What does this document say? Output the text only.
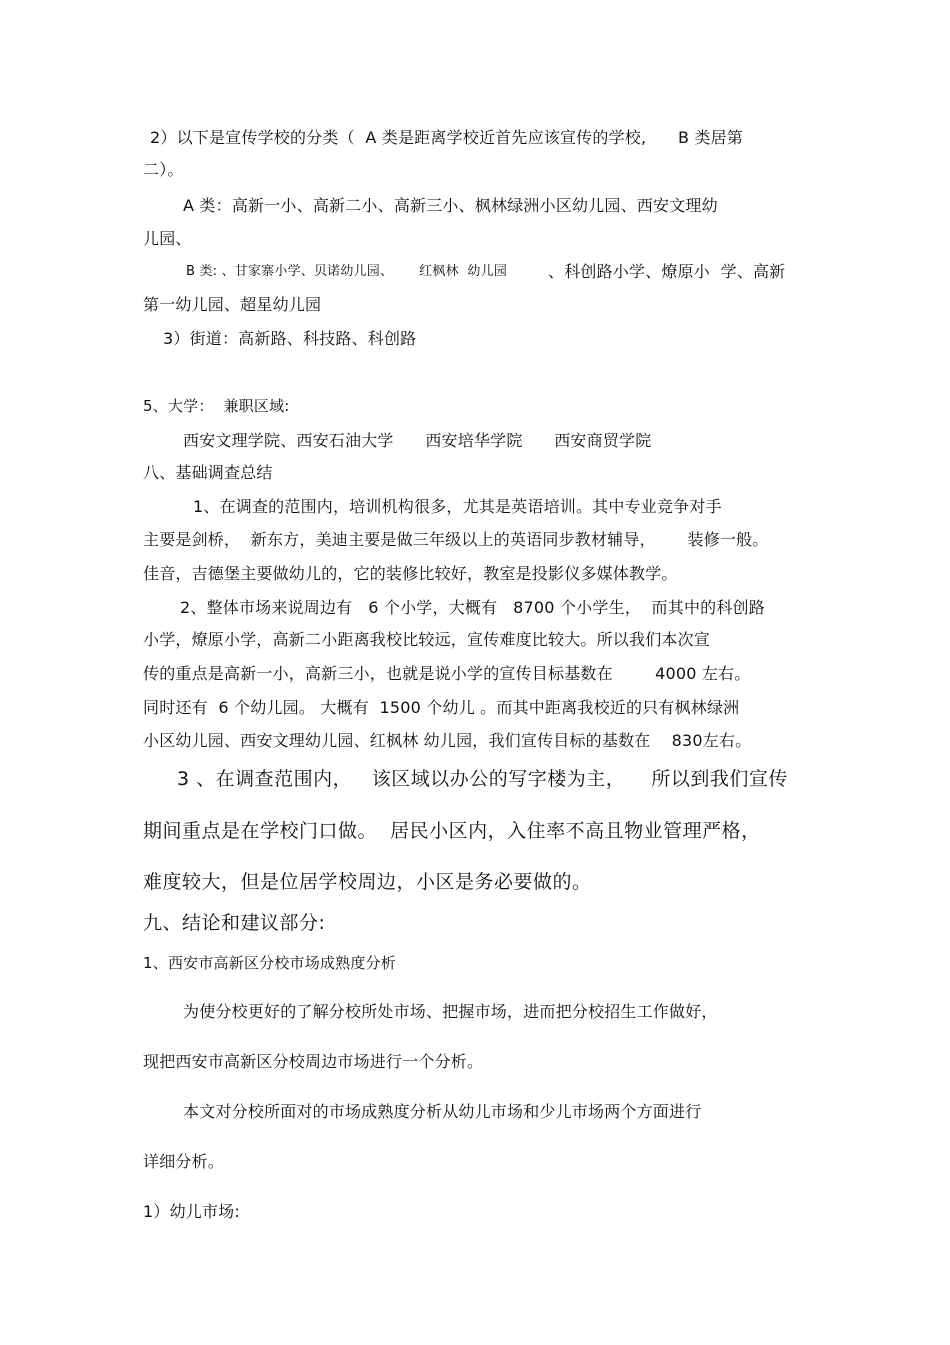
2）以下是宣传学校的分类（  A 类是距离学校近首先应该宣传的学校,      B 类居第
二）。
A 类：高新一小、高新二小、高新三小、枫林绿洲小区幼儿园、西安文理幼
儿园、
B 类: 、甘家寨小学、贝诺幼儿园、      红枫林  幼儿园	、科创路小学、燎原小  学、高新
第一幼儿园、超星幼儿园
3）街道：高新路、科技路、科创路
5、大学：  兼职区域:
西安文理学院、西安石油大学      西安培华学院      西安商贸学院
八、基础调查总结
1、在调查的范围内，培训机构很多，尤其是英语培训。其中专业竞争对手
主要是剑桥，  新东方，美迪主要是做三年级以上的英语同步教材辅导，      装修一般。
佳音，吉德堡主要做幼儿的，它的装修比较好，教室是投影仪多媒体教学。
2、整体市场来说周边有   6 个小学，大概有   8700 个小学生，  而其中的科创路
小学，燎原小学，高新二小距离我校比较远，宣传难度比较大。所以我们本次宣
传的重点是高新一小，高新三小，也就是说小学的宣传目标基数在        4000 左右。
同时还有  6 个幼儿园。 大概有  1500 个幼儿 。而其中距离我校近的只有枫林绿洲
小区幼儿园、西安文理幼儿园、红枫林 幼儿园，我们宣传目标的基数在    830左右。
3 、在调查范围内，   该区域以办公的写字楼为主，    所以到我们宣传
期间重点是在学校门口做。  居民小区内，入住率不高且物业管理严格，
难度较大，但是位居学校周边，小区是务必要做的。
九、结论和建议部分:
1、西安市高新区分校市场成熟度分析
为使分校更好的了解分校所处市场、把握市场，进而把分校招生工作做好，
现把西安市高新区分校周边市场进行一个分析。
本文对分校所面对的市场成熟度分析从幼儿市场和少儿市场两个方面进行
详细分析。
1）幼儿市场:
